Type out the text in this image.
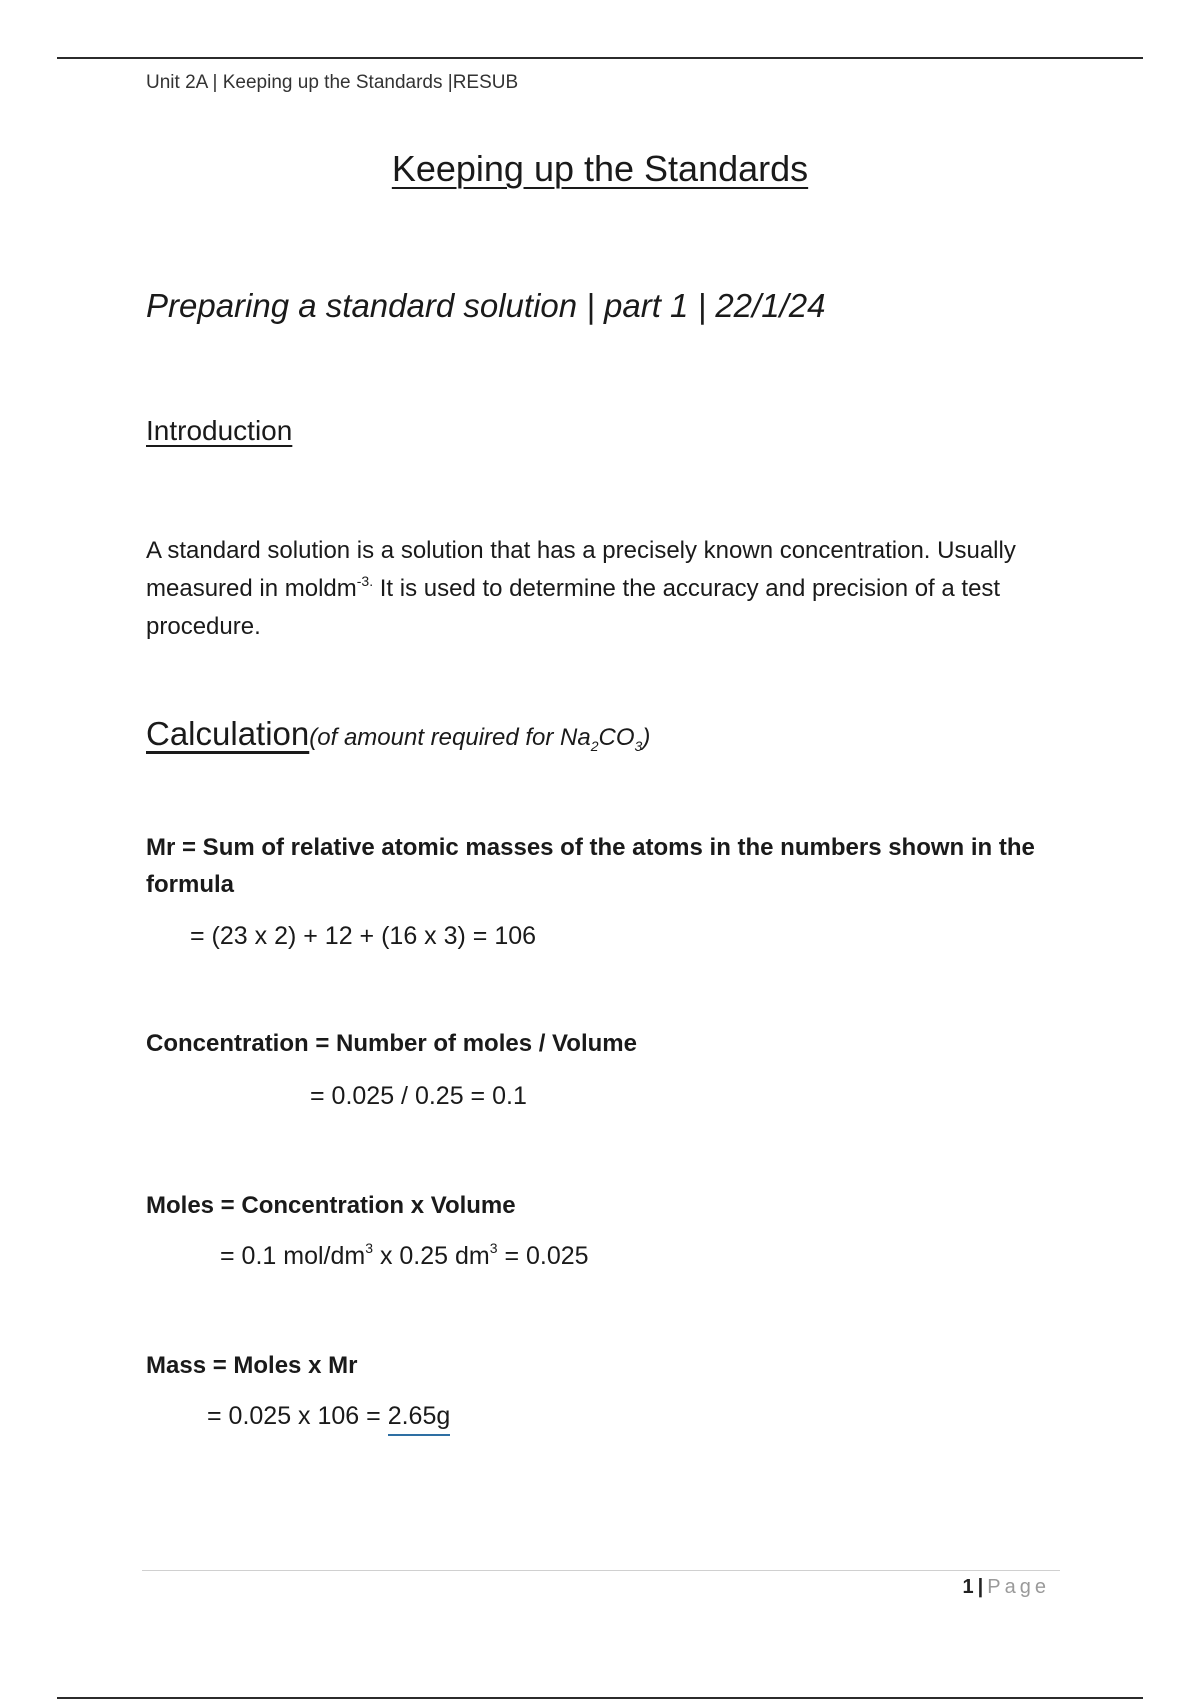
Unit 2A | Keeping up the Standards |RESUB
Keeping up the Standards
Preparing a standard solution | part 1 | 22/1/24
Introduction
A standard solution is a solution that has a precisely known concentration. Usually measured in moldm$^{-3.}$ It is used to determine the accuracy and precision of a test procedure.
Calculation(of amount required for $Na_2CO_3$)
Mr = Sum of relative atomic masses of the atoms in the numbers shown in the formula
= (23 x 2) + 12 + (16 x 3) = 106
Concentration = Number of moles / Volume
= 0.025 / 0.25 = 0.1
Moles = Concentration x Volume
= 0.1 mol/$dm^3$ x 0.25 $dm^3 = 0.025$
Mass = Moles x Mr
= 0.025 x 106 = 2.65g
1 | Page
